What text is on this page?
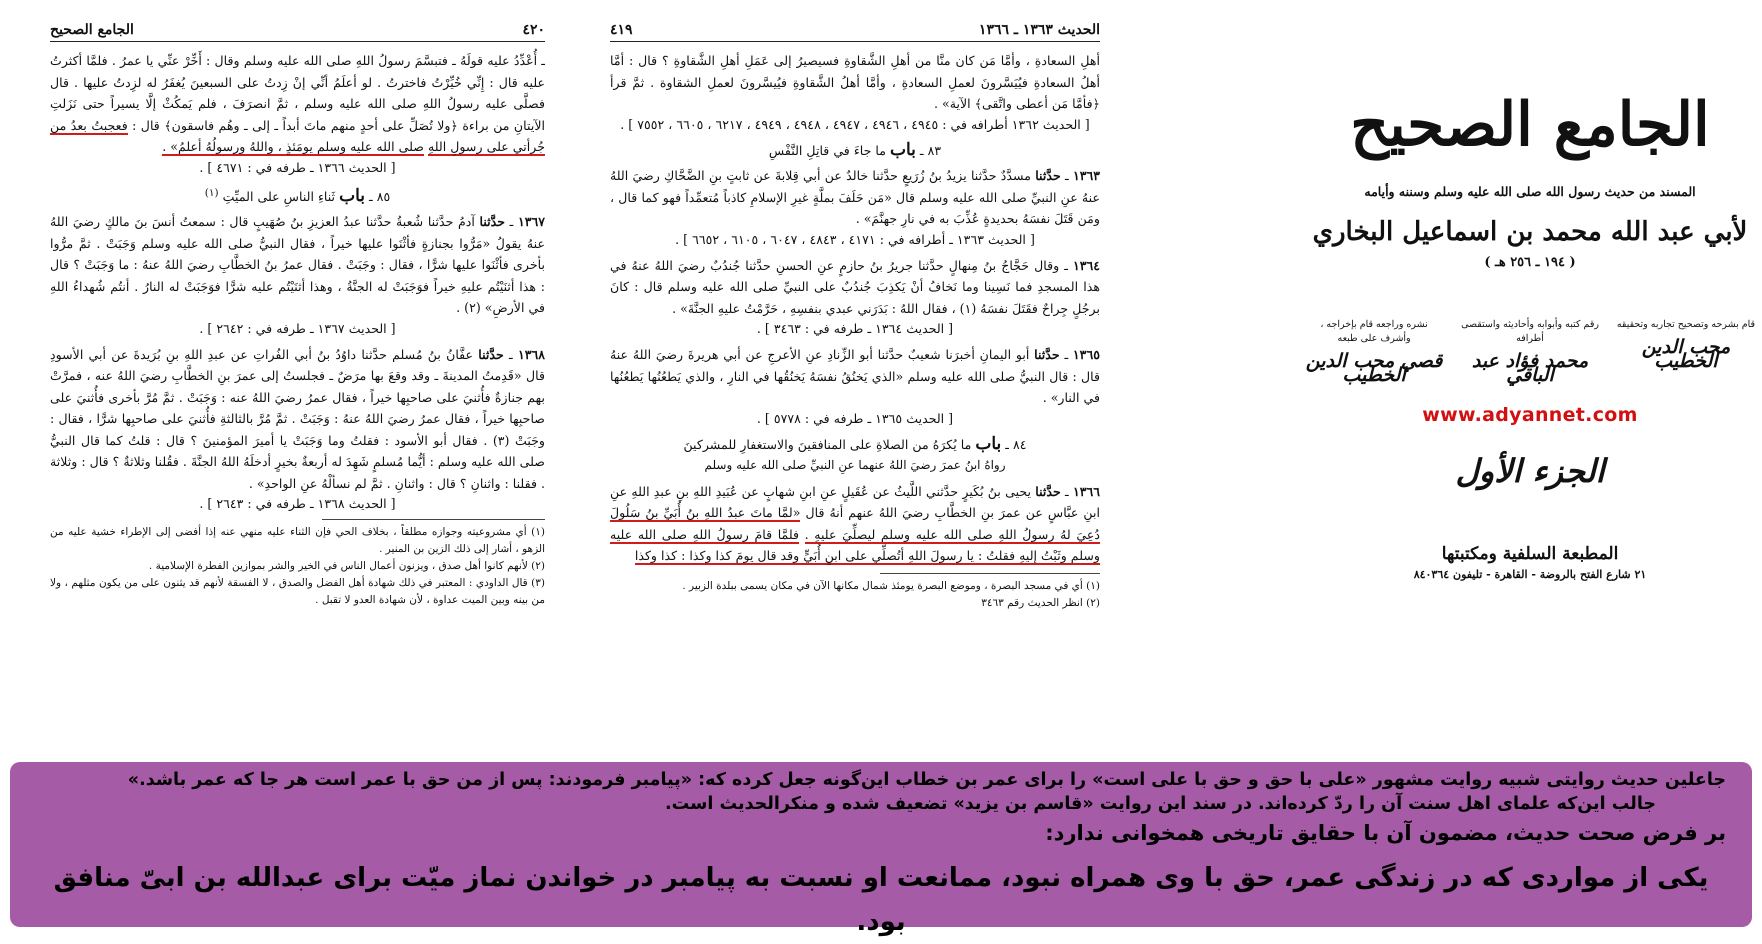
الجامع الصحيح	٤٢٠

ـ أُعْدِّدُ عليه قولَهُ ـ فتبسَّمَ رسولُ اللهِ صلى الله عليه وسلم وقال : أَخِّرْ عنِّي يا عمرُ . فلمَّا أكثرتُ عليه قال : إِنِّي خُيِّرْتُ فاخترتُ . لو أعلَمُ أنِّي إنْ زِدتُ على السبعينَ يُغفَرُ له لزِدتُ عليها . قال فصلَّى عليه رسولُ اللهِ صلى الله عليه وسلم ، ثمَّ انصرَفَ ، فلم يَمكُثْ إلَّا يسيراً حتى نَزَلتِ الآيتانِ من براءة ﴿ولا تُصَلِّ على أحدٍ منهم ماتَ أبداً ـ إلى ـ وهُم فاسقون﴾ قال : فعجبتُ بعدُ من جُرأتي على رسولِ اللهِ صلى الله عليه وسلم يومَئذٍ ، واللهُ ورسولُهُ أعلمُ» .

[ الحديث ١٣٦٦ ـ طرفه في : ٤٦٧١ ] .

٨٥ ـ باب ثَناءِ الناسِ على الميِّتِ $^{(١)}$

١٣٦٧ ـ حدَّثنا آدمُ حدَّثنا شُعبةُ حدَّثنا عبدُ العزيزِ بنُ صُهَيبٍ قال : سمعتُ أنسَ بنَ مالكٍ رضيَ اللهُ عنهُ يقولُ «مَرُّوا بجنازةٍ فأثْنَوا عليها خيراً ، فقال النبيُّ صلى الله عليه وسلم وَجَبَتْ . ثمَّ مرُّوا بأخرى فأثْنَوا عليها شرًّا ، فقال : وجَبَتْ . فقال عمرُ بنُ الخطَّابِ رضيَ اللهُ عنهُ : ما وَجَبَتْ ؟ قال : هذا أثنَيْتُم عليهِ خيراً فوَجَبَتْ له الجنَّةُ ، وهذا أثنَيْتُم عليه شرًّا فوَجَبَتْ له النارُ . أنتُم شُهداءُ اللهِ في الأرضِ» (٢) .

[ الحديث ١٣٦٧ ـ طرفه في : ٢٦٤٢ ] .

١٣٦٨ ـ حدَّثنا عفَّانُ بنُ مُسلم حدَّثنا داوُدُ بنُ أبي الفُراتِ عن عبدِ اللهِ بنِ بُرَيدةَ عن أبي الأسودِ قال «قَدِمتُ المدينةَ ـ وقد وقعَ بها مرَضٌ ـ فجلستُ إلى عمرَ بنِ الخطَّابِ رضيَ اللهُ عنه ، فمرَّتْ بهم جنازةٌ فأُثنيَ على صاحبِها خيراً ، فقال عمرُ رضيَ اللهُ عنه : وَجَبَتْ . ثمَّ مُرَّ بأخرى فأُثنيَ على صاحبِها خيراً ، فقال عمرُ رضيَ اللهُ عنهُ : وَجَبَتْ . ثمَّ مُرَّ بالثالثةِ فأُثنيَ على صاحبِها شرًّا ، فقال : وجَبَتْ (٣) . فقال أبو الأسود : فقلتُ وما وَجَبَتْ يا أميرَ المؤمنينَ ؟ قال : قلتُ كما قال النبيُّ صلى الله عليه وسلم : أيُّما مُسلمٍ شَهِدَ له أربعةٌ بخيرٍ أدخلَهُ اللهُ الجنَّةَ . فقُلنا وثلاثةٌ ؟ قال : وثلاثة . فقلنا : واثنانِ ؟ قال : واثنانِ . ثمَّ لم نسألْهُ عنِ الواحدِ» .

[ الحديث ١٣٦٨ ـ طرفه في : ٢٦٤٣ ] .

(١) أي مشروعيته وجوازه مطلقاً ، بخلاف الحي فإن الثناء عليه منهي عنه إذا أفضى إلى الإطراء خشية عليه من الزهو ، أشار إلى ذلك الزين بن المنير .

(٢) لأنهم كانوا أهل صدق ، ويزنون أعمال الناس في الخير والشر بموازين الفطرة الإسلامية .

(٣) قال الداودي : المعتبر في ذلك شهادة أهل الفضل والصدق ، لا الفسقة لأنهم قد يثنون على من يكون مثلهم ، ولا من بينه وبين الميت عداوة ، لأن شهادة العدو لا تقبل .

٤١٩	الحديث ١٣٦٣ ـ ١٣٦٦

أهلِ السعادةِ ، وأمَّا مَن كان منَّا من أهلِ الشَّقاوةِ فسيصيرُ إلى عَمَلِ أهلِ الشَّقاوةِ ؟ قال : أمَّا أهلُ السعادةِ فيُيَسَّرونَ لعملِ السعادةِ ، وأمَّا أهلُ الشَّقاوةِ فيُيسَّرونَ لعملِ الشقاوة . ثمَّ قرأ ﴿فأمَّا مَن أعطى واتَّقى﴾ الآية» .

[ الحديث ١٣٦٢ أطرافه في : ٤٩٤٥ ، ٤٩٤٦ ، ٤٩٤٧ ، ٤٩٤٨ ، ٤٩٤٩ ، ٦٢١٧ ، ٦٦٠٥ ، ٧٥٥٢ ] .

٨٣ ـ باب ما جاءَ في قاتِلِ النَّفْسِ

١٣٦٣ ـ حدَّثنا مسدَّدٌ حدَّثنا يزيدُ بنُ زُرَيعٍ حدَّثنا خالدٌ عن أبي قِلابةَ عن ثابتٍ بنِ الضَّحَّاكِ رضيَ اللهُ عنهُ عنِ النبيِّ صلى الله عليه وسلم قال «مَن حَلَفَ بملَّةٍ غيرِ الإسلامِ كاذباً مُتعمِّداً فهو كما قال ، ومَن قَتَلَ نفسَهُ بحديدةٍ عُذِّبَ به في نارِ جهنَّمَ» .

[ الحديث ١٣٦٣ ـ أطرافه في : ٤١٧١ ، ٤٨٤٣ ، ٦٠٤٧ ، ٦١٠٥ ، ٦٦٥٢ ] .

١٣٦٤ ـ وقال حَجَّاجُ بنُ مِنهالٍ حدَّثنا جريرُ بنُ حازمٍ عنِ الحسنِ حدَّثنا جُندُبٌ رضيَ اللهُ عنهُ في هذا المسجدِ فما نَسِينا وما نَخافُ أنْ يَكذِبَ جُندُبٌ على النبيِّ صلى الله عليه وسلم قال : كانَ برجُلٍ جِراحٌ فقَتَلَ نفسَهُ (١) ، فقال اللهُ : بَدَرَني عبدي بنفسِهِ ، حَرَّمْتُ عليهِ الجنَّةَ» .

[ الحديث ١٣٦٤ ـ طرفه في : ٣٤٦٣ ] .

١٣٦٥ ـ حدَّثنا أبو اليمانِ أخبرَنا شعيبٌ حدَّثنا أبو الزِّنادِ عنِ الأعرجِ عن أبي هريرةَ رضيَ اللهُ عنهُ قال : قال النبيُّ صلى الله عليه وسلم «الذي يَخنُقُ نفسَهُ يَخنُقُها في النارِ ، والذي يَطعُنُها يَطعُنُها في النار» .

[ الحديث ١٣٦٥ ـ طرفه في : ٥٧٧٨ ] .

٨٤ ـ باب ما يُكرَهُ من الصلاةِ على المنافقينَ والاستغفارِ للمشركينَ

رواهُ ابنُ عمرَ رضيَ اللهُ عنهما عنِ النبيِّ صلى الله عليه وسلم

١٣٦٦ ـ حدَّثنا يحيى بنُ بُكَيرٍ حدَّثني اللَّيثُ عن عُقَيلٍ عنِ ابنِ شهابٍ عن عُبَيدِ اللهِ بنِ عبدِ اللهِ عنِ ابنِ عبَّاسٍ عن عمرَ بنِ الخطَّابِ رضيَ اللهُ عنهم أنهُ قال «لمَّا ماتَ عبدُ اللهِ بنُ أُبَيِّ بنُ سَلُولَ دُعِيَ لهُ رسولُ اللهِ صلى الله عليه وسلم ليصلِّيَ عليهِ . فلمَّا قامَ رسولُ اللهِ صلى الله عليه وسلم وثَبْتُ إليهِ فقلتُ : يا رسولَ اللهِ أتُصلِّي على ابنِ أُبَيٍّ وقد قال يومَ كذا وكذا : كذا وكذا

(١) أي في مسجد البصرة ، وموضع البصرة يومئذ شمال مكانها الآن في مكان يسمى ببلدة الزبير .

(٢) انظر الحديث رقم ٣٤٦٣

الجامع الصحيح
المسند من حديث رسول الله صلى الله عليه وسلم وسننه وأيامه
لأبي عبد الله محمد بن اسماعيل البخاري
( ١٩٤ ـ ٢٥٦ هـ )
قام بشرحه وتصحيح تجاربه وتحقيقه
محب الدين الخطيب
رقم كتبه وأبوابه وأحاديثه واستقصى أطرافه
محمد فؤاد عبد الباقي
نشره وراجعه قام بإخراجه ، وأشرف على طبعه
قصي محب الدين الخطيب
www.adyannet.com
الجزء الأول
المطبعة السلفية ومكتبتها
٢١ شارع الفتح بالروضة - القاهرة - تليفون ٨٤٠٣٦٤

جاعلین حدیث روایتی شبیه روایت مشهور «علی با حق و حق با علی است» را برای عمر بن خطاب این‌گونه جعل کرده که: «پیامبر فرمودند: پس از من حق با عمر است هر جا که عمر باشد.»

جالب این‌که علمای اهل سنت آن را ردّ کرده‌اند. در سند این روایت «قاسم بن یزید» تضعیف شده و منکرالحدیث است.

بر فرض صحت حدیث، مضمون آن با حقایق تاریخی همخوانی ندارد:

یکی از مواردی که در زندگی عمر، حق با وی همراه نبود، ممانعت او نسبت به پیامبر در خواندن نماز میّت برای عبدالله بن ابیّ منافق بود.
